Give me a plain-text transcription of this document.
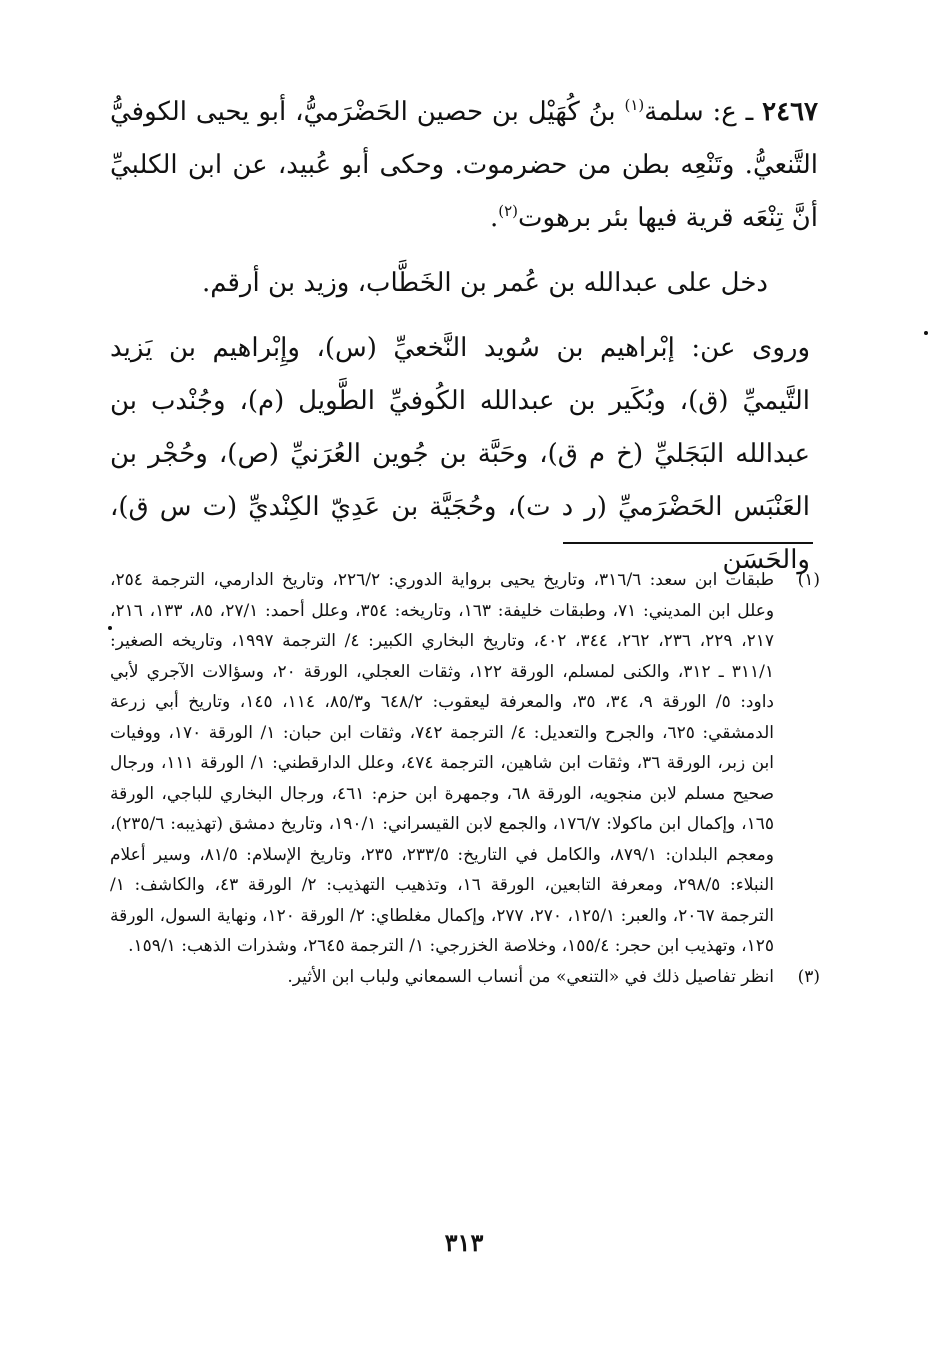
٢٤٦٧ ـ ع: سلمة$^{(١)}$ بنُ كُهَيْل بن حصين الحَضْرَميُّ، أبو يحيى الكوفيُّ التَّنعيُّ. وتَنْعِه بطن من حضرموت. وحكى أبو عُبيد، عن ابن الكلبيِّ أنَّ تِنْعَه قرية فيها بئر برهوت$^{(٢)}$.

دخل على عبدالله بن عُمر بن الخَطَّاب، وزيد بن أرقم.

وروى عن: إبْراهيم بن سُويد النَّخعيِّ (س)، وإِبْراهيم بن يَزيد التَّيميِّ (ق)، وبُكَير بن عبدالله الكُوفيِّ الطَّويل (م)، وجُنْدب بن عبدالله البَجَليِّ (خ م ق)، وحَبَّة بن جُوين العُرَنيِّ (ص)، وحُجْر بن العَنْبَس الحَضْرَميِّ (ر د ت)، وحُجَيَّة بن عَدِيّ الكِنْديِّ (ت س ق)، والحَسَن

(١)
طبقات ابن سعد: ٣١٦/٦، وتاريخ يحيى برواية الدوري: ٢٢٦/٢، وتاريخ الدارمي، الترجمة ٢٥٤، وعلل ابن المديني: ٧١، وطبقات خليفة: ١٦٣، وتاريخه: ٣٥٤، وعلل أحمد: ٢٧/١، ٨٥، ١٣٣، ٢١٦، ٢١٧، ٢٢٩، ٢٣٦، ٢٦٢، ٣٤٤، ٤٠٢، وتاريخ البخاري الكبير: ٤/ الترجمة ١٩٩٧، وتاريخه الصغير: ٣١١/١ ـ ٣١٢، والكنى لمسلم، الورقة ١٢٢، وثقات العجلي، الورقة ٢٠، وسؤالات الآجري لأبي داود: ٥/ الورقة ٩، ٣٤، ٣٥، والمعرفة ليعقوب: ٦٤٨/٢ و٨٥/٣، ١١٤، ١٤٥، وتاريخ أبي زرعة الدمشقي: ٦٢٥، والجرح والتعديل: ٤/ الترجمة ٧٤٢، وثقات ابن حبان: ١/ الورقة ١٧٠، ووفيات ابن زبر، الورقة ٣٦، وثقات ابن شاهين، الترجمة ٤٧٤، وعلل الدارقطني: ١/ الورقة ١١١، ورجال صحيح مسلم لابن منجويه، الورقة ٦٨، وجمهرة ابن حزم: ٤٦١، ورجال البخاري للباجي، الورقة ١٦٥، وإكمال ابن ماكولا: ١٧٦/٧، والجمع لابن القيسراني: ١٩٠/١، وتاريخ دمشق (تهذيبه: ٢٣٥/٦)، ومعجم البلدان: ٨٧٩/١، والكامل في التاريخ: ٢٣٣/٥، ٢٣٥، وتاريخ الإسلام: ٨١/٥، وسير أعلام النبلاء: ٢٩٨/٥، ومعرفة التابعين، الورقة ١٦، وتذهيب التهذيب: ٢/ الورقة ٤٣، والكاشف: ١/ الترجمة ٢٠٦٧، والعبر: ١٢٥/١، ٢٧٠، ٢٧٧، وإكمال مغلطاي: ٢/ الورقة ١٢٠، ونهاية السول، الورقة ١٢٥، وتهذيب ابن حجر: ١٥٥/٤، وخلاصة الخزرجي: ١/ الترجمة ٢٦٤٥، وشذرات الذهب: ١٥٩/١.
(٣)
انظر تفاصيل ذلك في «التنعي» من أنساب السمعاني ولباب ابن الأثير.
٣١٣
